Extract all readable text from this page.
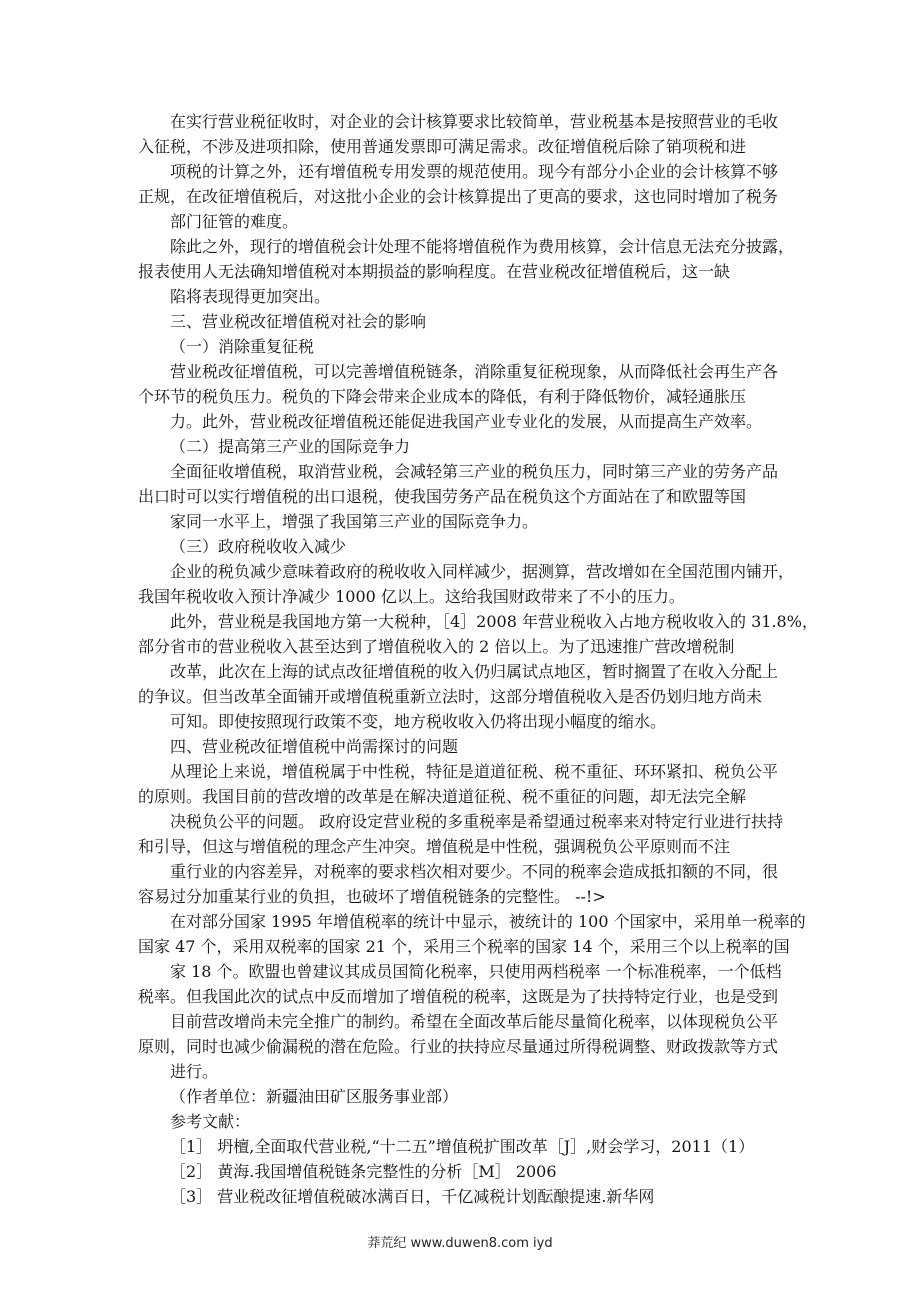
在实行营业税征收时，对企业的会计核算要求比较简单，营业税基本是按照营业的毛收
入征税，不涉及进项扣除，使用普通发票即可满足需求。改征增值税后除了销项税和进
项税的计算之外，还有增值税专用发票的规范使用。现今有部分小企业的会计核算不够
正规，在改征增值税后，对这批小企业的会计核算提出了更高的要求，这也同时增加了税务
部门征管的难度。
除此之外，现行的增值税会计处理不能将增值税作为费用核算，会计信息无法充分披露，
报表使用人无法确知增值税对本期损益的影响程度。在营业税改征增值税后，这一缺
陷将表现得更加突出。
三、营业税改征增值税对社会的影响
（一）消除重复征税
营业税改征增值税，可以完善增值税链条，消除重复征税现象，从而降低社会再生产各
个环节的税负压力。税负的下降会带来企业成本的降低，有利于降低物价，减轻通胀压
力。此外，营业税改征增值税还能促进我国产业专业化的发展，从而提高生产效率。
（二）提高第三产业的国际竞争力
全面征收增值税，取消营业税，会减轻第三产业的税负压力，同时第三产业的劳务产品
出口时可以实行增值税的出口退税，使我国劳务产品在税负这个方面站在了和欧盟等国
家同一水平上，增强了我国第三产业的国际竞争力。
（三）政府税收收入减少
企业的税负减少意味着政府的税收收入同样减少，据测算，营改增如在全国范围内铺开，
我国年税收收入预计净减少 1000 亿以上。这给我国财政带来了不小的压力。
此外，营业税是我国地方第一大税种，［4］2008 年营业税收入占地方税收收入的 31.8%，
部分省市的营业税收入甚至达到了增值税收入的 2 倍以上。为了迅速推广营改增税制
改革，此次在上海的试点改征增值税的收入仍归属试点地区，暂时搁置了在收入分配上
的争议。但当改革全面铺开或增值税重新立法时，这部分增值税收入是否仍划归地方尚未
可知。即使按照现行政策不变，地方税收收入仍将出现小幅度的缩水。
四、营业税改征增值税中尚需探讨的问题
从理论上来说，增值税属于中性税，特征是道道征税、税不重征、环环紧扣、税负公平
的原则。我国目前的营改增的改革是在解决道道征税、税不重征的问题，却无法完全解
决税负公平的问题。 政府设定营业税的多重税率是希望通过税率来对特定行业进行扶持
和引导，但这与增值税的理念产生冲突。增值税是中性税，强调税负公平原则而不注
重行业的内容差异，对税率的要求档次相对要少。不同的税率会造成抵扣额的不同，很
容易过分加重某行业的负担，也破坏了增值税链条的完整性。 --!>
在对部分国家 1995 年增值税率的统计中显示，被统计的 100 个国家中，采用单一税率的
国家 47 个，采用双税率的国家 21 个，采用三个税率的国家 14 个，采用三个以上税率的国
家 18 个。欧盟也曾建议其成员国简化税率，只使用两档税率 一个标准税率，一个低档
税率。但我国此次的试点中反而增加了增值税的税率，这既是为了扶持特定行业，也是受到
目前营改增尚未完全推广的制约。希望在全面改革后能尽量简化税率，以体现税负公平
原则，同时也减少偷漏税的潜在危险。行业的扶持应尽量通过所得税调整、财政拨款等方式
进行。
（作者单位：新疆油田矿区服务事业部）
参考文献：
［1］ 坍檀,全面取代营业税,“十二五”增值税扩围改革［J］,财会学习，2011（1）
［2］ 黄海.我国增值税链条完整性的分析［M］ 2006
［3］ 营业税改征增值税破冰满百日，千亿减税计划酝酿提速.新华网
莽荒纪 www.duwen8.com iyd
